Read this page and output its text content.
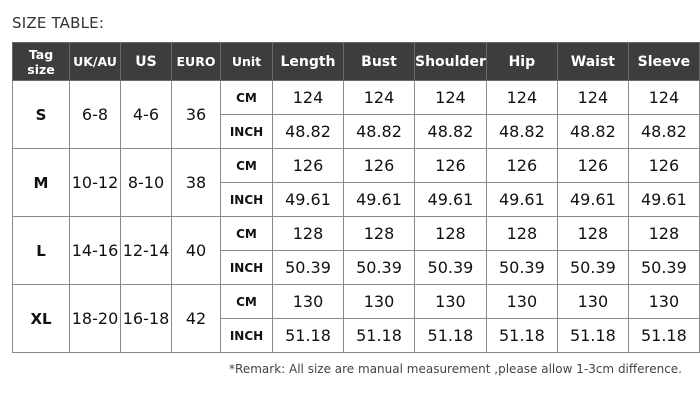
SIZE TABLE:
Tag size	UK/AU	US	EURO	Unit	Length	Bust	Shoulder	Hip	Waist	Sleeve
S	6-8	4-6	36	CM	124	124	124	124	124	124
				INCH	48.82	48.82	48.82	48.82	48.82	48.82
M	10-12	8-10	38	CM	126	126	126	126	126	126
				INCH	49.61	49.61	49.61	49.61	49.61	49.61
L	14-16	12-14	40	CM	128	128	128	128	128	128
				INCH	50.39	50.39	50.39	50.39	50.39	50.39
XL	18-20	16-18	42	CM	130	130	130	130	130	130
				INCH	51.18	51.18	51.18	51.18	51.18	51.18
*Remark: All size are manual measurement ,please allow 1-3cm difference.
